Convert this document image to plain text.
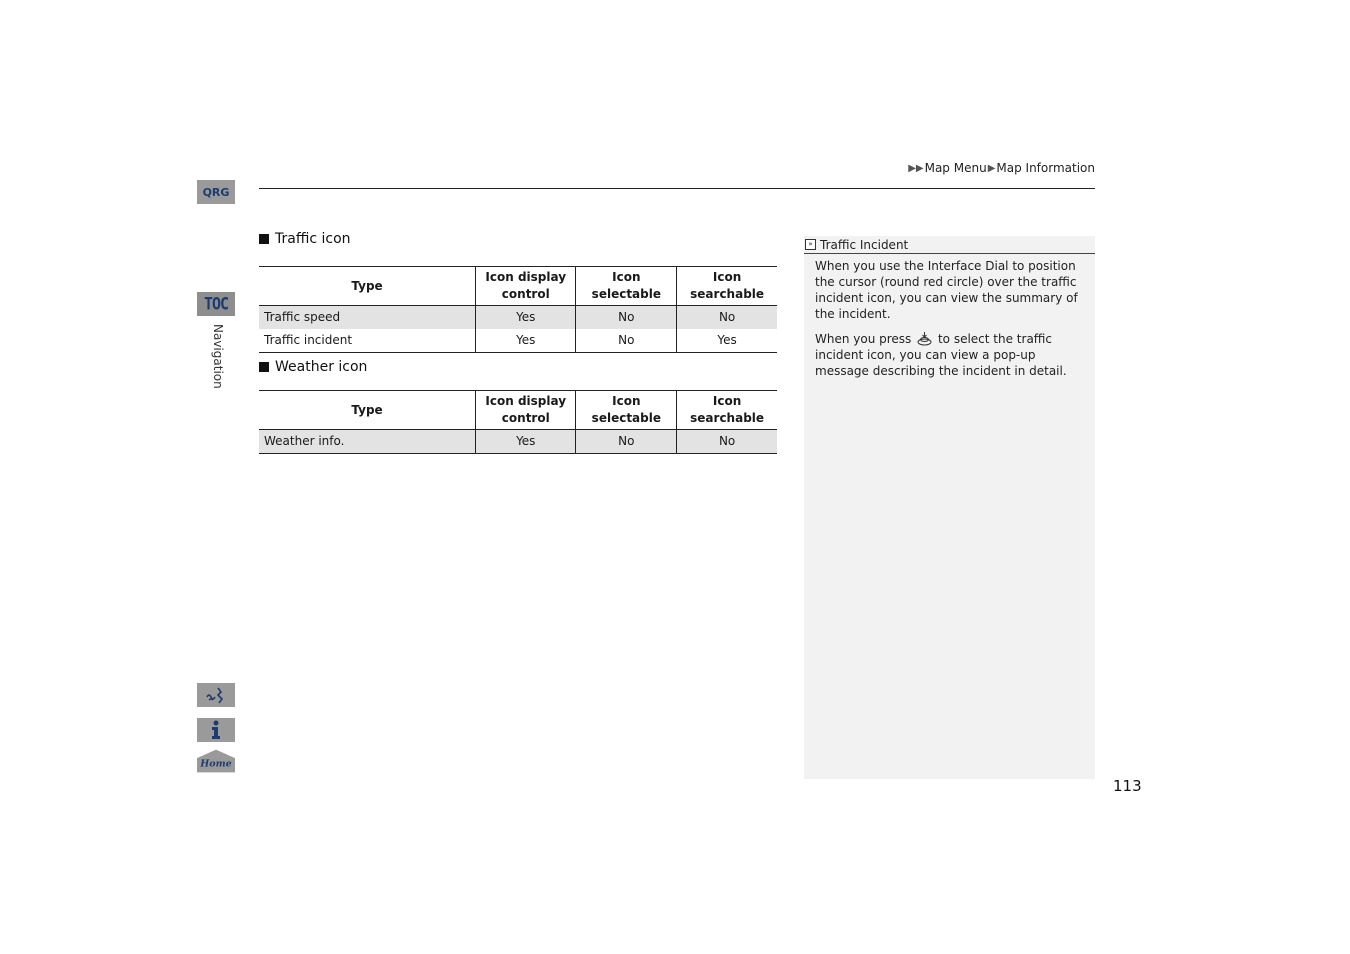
QRG
TOC
Navigation
Home
▶▶ Map Menu ▶ Map Information
Traffic icon
Type	Icon display control	Icon selectable	Icon searchable
Traffic speed	Yes	No	No
Traffic incident	Yes	No	Yes
Weather icon
Type	Icon display control	Icon selectable	Icon searchable
Weather info.	Yes	No	No
» Traffic Incident

When you use the Interface Dial to position the cursor (round red circle) over the traffic incident icon, you can view the summary of the incident.

When you press to select the traffic incident icon, you can view a pop-up message describing the incident in detail.

113
